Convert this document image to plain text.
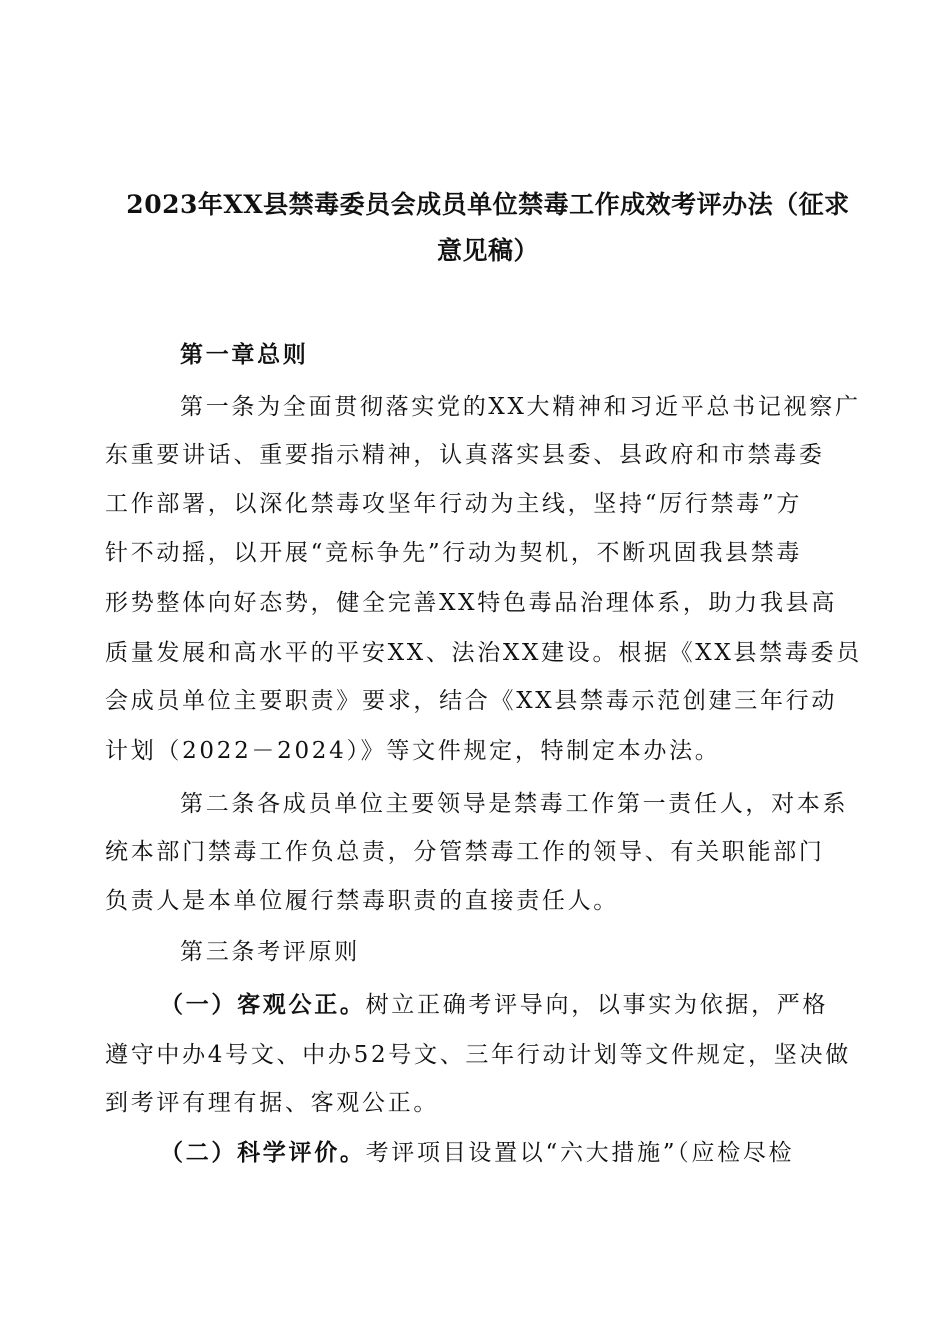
2023年XX县禁毒委员会成员单位禁毒工作成效考评办法（征求意见稿）
第一章总则
第一条为全面贯彻落实党的XX大精神和习近平总书记视察广
东重要讲话、重要指示精神，认真落实县委、县政府和市禁毒委
工作部署，以深化禁毒攻坚年行动为主线，坚持“厉行禁毒”方
针不动摇，以开展“竞标争先”行动为契机，不断巩固我县禁毒
形势整体向好态势，健全完善XX特色毒品治理体系，助力我县高
质量发展和高水平的平安XX、法治XX建设。根据《XX县禁毒委员
会成员单位主要职责》要求，结合《XX县禁毒示范创建三年行动
计划（2022－2024）》等文件规定，特制定本办法。
第二条各成员单位主要领导是禁毒工作第一责任人，对本系
统本部门禁毒工作负总责，分管禁毒工作的领导、有关职能部门
负责人是本单位履行禁毒职责的直接责任人。
第三条考评原则
（一）客观公正。树立正确考评导向，以事实为依据，严格
遵守中办4号文、中办52号文、三年行动计划等文件规定，坚决做
到考评有理有据、客观公正。
（二）科学评价。考评项目设置以“六大措施”（应检尽检
